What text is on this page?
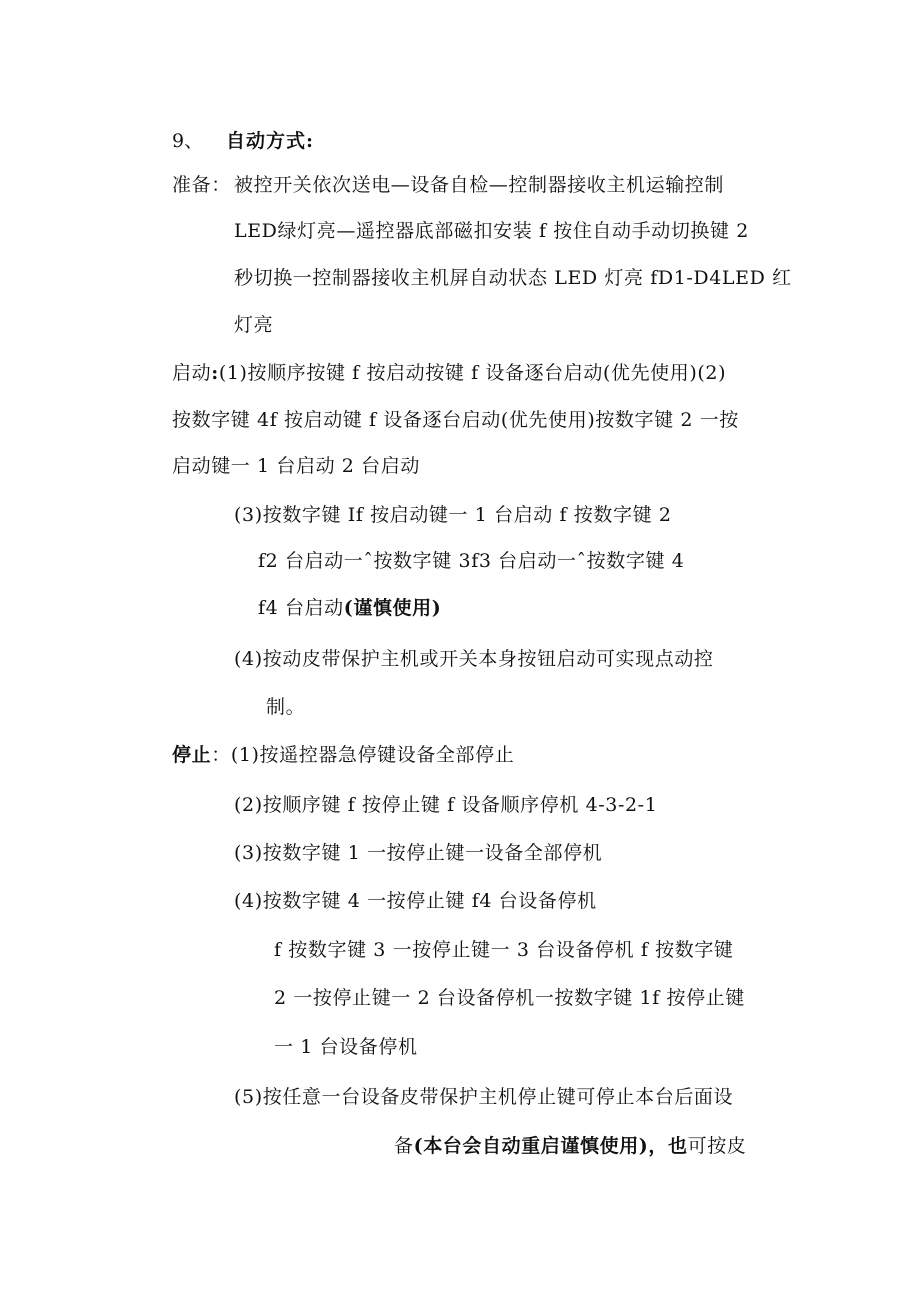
9、 自动方式:
准备： 被控开关依次送电—设备自检—控制器接收主机运输控制
LED绿灯亮—遥控器底部磁扣安装 f 按住自动手动切换键 2
秒切换一控制器接收主机屏自动状态 LED 灯亮 fD1-D4LED 红
灯亮
启动:(1)按顺序按键 f 按启动按键 f 设备逐台启动(优先使用)(2)
按数字键 4f 按启动键 f 设备逐台启动(优先使用)按数字键 2 一按
启动键一 1 台启动 2 台启动
(3)按数字键 If 按启动键一 1 台启动 f 按数字键 2
f2 台启动一ˆ按数字键 3f3 台启动一ˆ按数字键 4
f4 台启动(谨慎使用)
(4)按动皮带保护主机或开关本身按钮启动可实现点动控
制。
停止：(1)按遥控器急停键设备全部停止
(2)按顺序键 f 按停止键 f 设备顺序停机 4-3-2-1
(3)按数字键 1 一按停止键一设备全部停机
(4)按数字键 4 一按停止键 f4 台设备停机
f 按数字键 3 一按停止键一 3 台设备停机 f 按数字键
2 一按停止键一 2 台设备停机一按数字键 1f 按停止键
一 1 台设备停机
(5)按任意一台设备皮带保护主机停止键可停止本台后面设
备(本台会自动重启谨慎使用)，也可按皮
